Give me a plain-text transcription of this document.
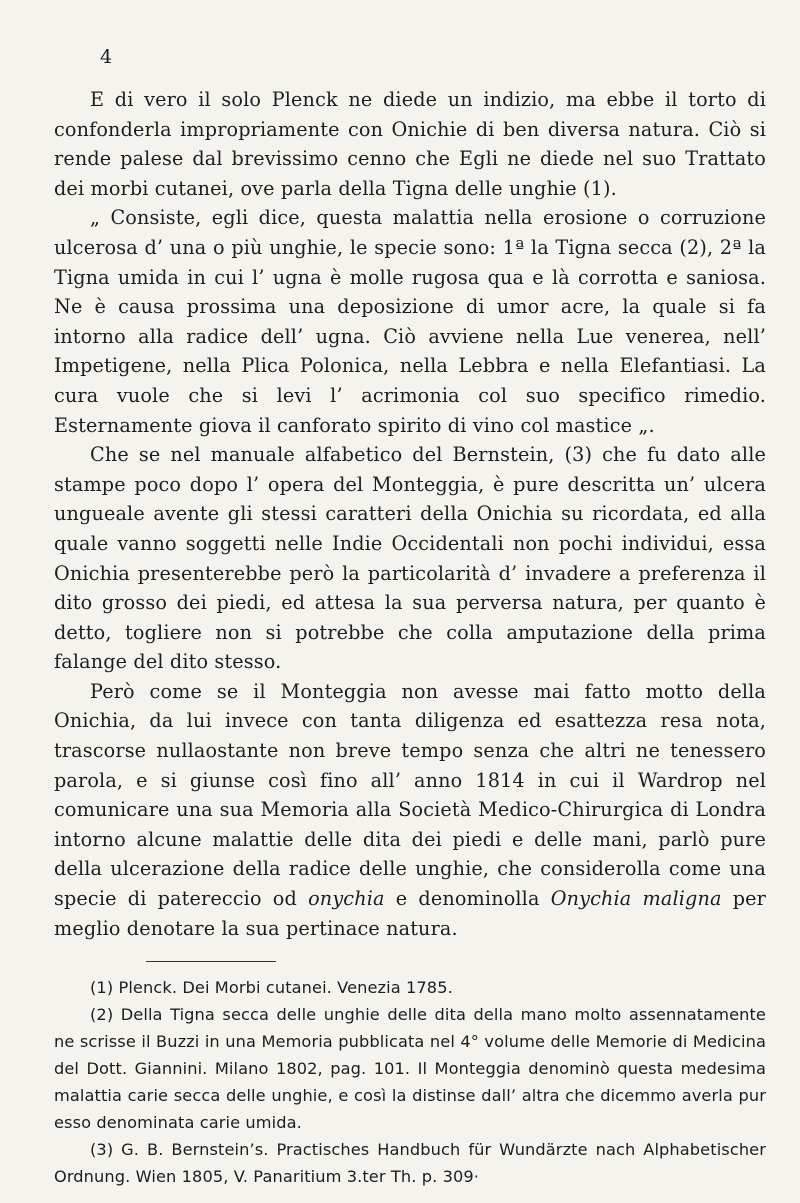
4

E di vero il solo Plenck ne diede un indizio, ma ebbe il torto di confonderla impropriamente con Onichie di ben diversa natura. Ciò si rende palese dal brevissimo cenno che Egli ne diede nel suo Trattato dei morbi cutanei, ove parla della Tigna delle unghie (1).

„ Consiste, egli dice, questa malattia nella erosione o corruzione ulcerosa d’ una o più unghie, le specie sono: 1ª la Tigna secca (2), 2ª la Tigna umida in cui l’ ugna è molle rugosa qua e là corrotta e saniosa. Ne è causa prossima una deposizione di umor acre, la quale si fa intorno alla radice dell’ ugna. Ciò avviene nella Lue venerea, nell’ Impetigene, nella Plica Polonica, nella Lebbra e nella Elefantiasi. La cura vuole che si levi l’ acrimonia col suo specifico rimedio. Esternamente giova il canforato spirito di vino col mastice „.

Che se nel manuale alfabetico del Bernstein, (3) che fu dato alle stampe poco dopo l’ opera del Monteggia, è pure descritta un’ ulcera ungueale avente gli stessi caratteri della Onichia su ricordata, ed alla quale vanno soggetti nelle Indie Occidentali non pochi individui, essa Onichia presenterebbe però la particolarità d’ invadere a preferenza il dito grosso dei piedi, ed attesa la sua perversa natura, per quanto è detto, togliere non si potrebbe che colla amputazione della prima falange del dito stesso.

Però come se il Monteggia non avesse mai fatto motto della Onichia, da lui invece con tanta diligenza ed esattezza resa nota, trascorse nullaostante non breve tempo senza che altri ne tenessero parola, e si giunse così fino all’ anno 1814 in cui il Wardrop nel comunicare una sua Memoria alla Società Medico-Chirurgica di Londra intorno alcune malattie delle dita dei piedi e delle mani, parlò pure della ulcerazione della radice delle unghie, che considerolla come una specie di patereccio od onychia e denominolla Onychia maligna per meglio denotare la sua pertinace natura.

(1) Plenck. Dei Morbi cutanei. Venezia 1785.

(2) Della Tigna secca delle unghie delle dita della mano molto assennatamente ne scrisse il Buzzi in una Memoria pubblicata nel 4° volume delle Memorie di Medicina del Dott. Giannini. Milano 1802, pag. 101. Il Monteggia denominò questa medesima malattia carie secca delle unghie, e così la distinse dall’ altra che dicemmo averla pur esso denominata carie umida.

(3) G. B. Bernstein’s. Practisches Handbuch für Wundärzte nach Alphabetischer Ordnung. Wien 1805, V. Panaritium 3.ter Th. p. 309·
